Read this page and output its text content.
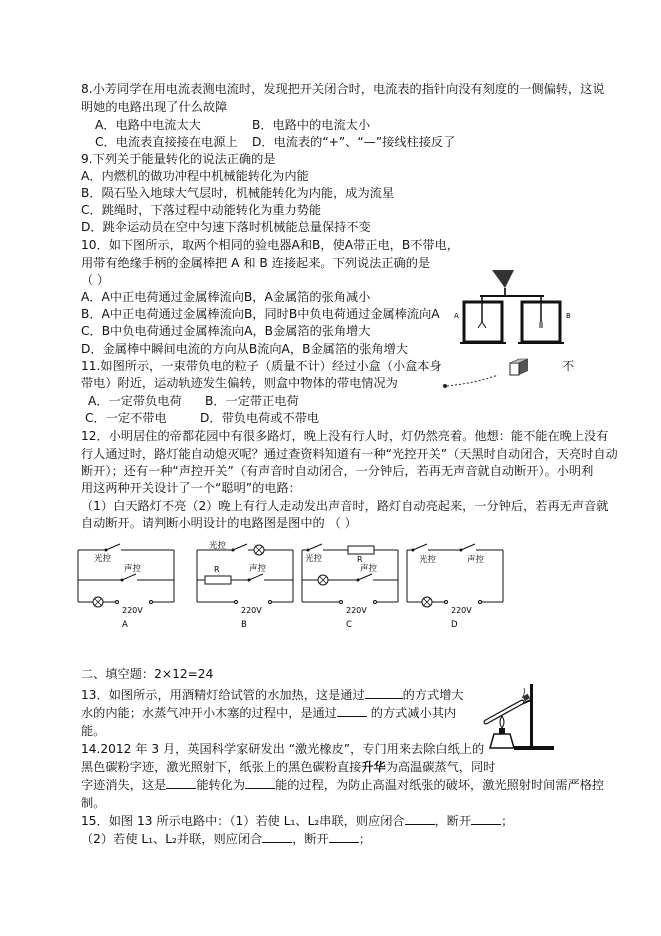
8.小芳同学在用电流表测电流时，发现把开关闭合时，电流表的指针向没有刻度的一侧偏转，这说
明她的电路出现了什么故障
A．电路中电流太大	B．电路中的电流太小
C．电流表直接接在电源上 D．电流表的“+”、“—”接线柱接反了
9.下列关于能量转化的说法正确的是
A．内燃机的做功冲程中机械能转化为内能
B．陨石坠入地球大气层时，机械能转化为内能，成为流星
C．跳绳时，下落过程中动能转化为重力势能
D．跳伞运动员在空中匀速下落时机械能总量保持不变
10．如下图所示，取两个相同的验电器A和B，使A带正电，B不带电，
用带有绝缘手柄的金属棒把 A 和 B 连接起来。下列说法正确的是
（ ）
A．A中正电荷通过金属棒流向B，A金属箔的张角减小
B．A中正电荷通过金属棒流向B，同时B中负电荷通过金属棒流向A
C．B中负电荷通过金属棒流向A，B金属箔的张角增大
D．金属棒中瞬间电流的方向从B流向A，B金属箔的张角增大
A	B
11.如图所示，一束带负电的粒子（质量不计）经过小盒（小盒本身	不
带电）附近，运动轨迹发生偏转，则盒中物体的带电情况为
A．一定带负电荷 B．一定带正电荷
C．一定不带电	D．带负电荷或不带电
12．小明居住的帝都花园中有很多路灯，晚上没有行人时，灯仍然亮着。他想：能不能在晚上没有
行人通过时，路灯能自动熄灭呢？通过查资料知道有一种“光控开关”（天黑时自动闭合，天亮时自动
断开）；还有一种“声控开关”（有声音时自动闭合，一分钟后，若再无声音就自动断开）。小明利
用这两种开关设计了一个“聪明”的电路：
（1）白天路灯不亮（2）晚上有行人走动发出声音时，路灯自动亮起来，一分钟后，若再无声音就
自动断开。请判断小明设计的电路图是图中的 （ ）
光控
声控
220V
A
光控
R	声控
220V
B
光控	R
声控
220V
C
光控	声控
220V
D
二、填空题：2×12=24
13．如图所示，用酒精灯给试管的水加热，这是通过	的方式增大
水的内能；水蒸气冲开小木塞的过程中，是通过 的方式减小其内
能。
14.2012 年 3 月，英国科学家研发出 “激光橡皮”，专门用来去除白纸上的
黑色碳粉字迹，激光照射下，纸张上的黑色碳粉直接升华为高温碳蒸气，同时
字迹消失，这是 能转化为 能的过程，为防止高温对纸张的破坏，激光照射时间需严格控
制。
15．如图 13 所示电路中：（1）若使 L₁、L₂串联，则应闭合 ，断开 ；
（2）若使 L₁、L₂并联，则应闭合 ，断开 ；
